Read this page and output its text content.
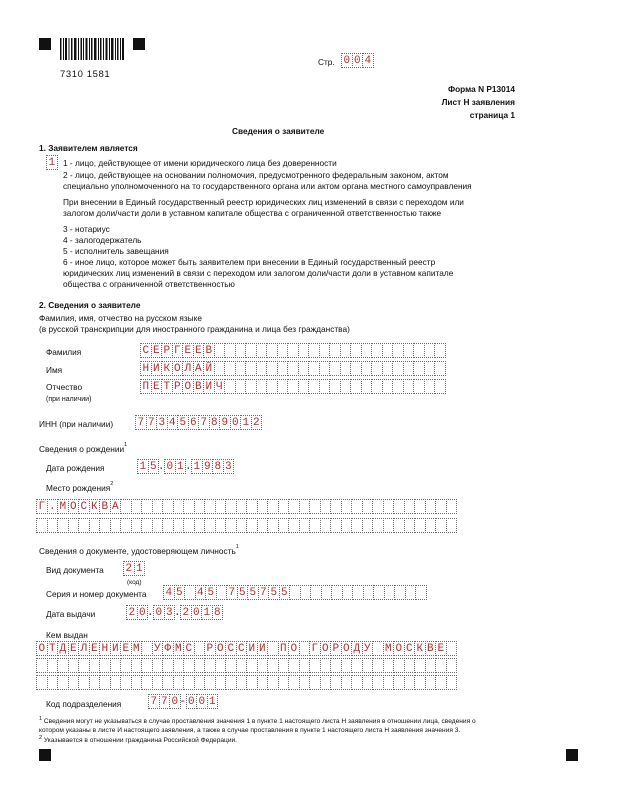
7310 1581
Стр. 0 0 4
Форма N Р13014
Лист Н заявления
страница 1
Сведения о заявителе
1. Заявителем является
1 1 - лицо, действующее от имени юридического лица без доверенности
2 - лицо, действующее на основании полномочия, предусмотренного федеральным законом, актом
специально уполномоченного на то государственного органа или актом органа местного самоуправления
При внесении в Единый государственный реестр юридических лиц изменений в связи с переходом или
залогом доли/части доли в уставном капитале общества с ограниченной ответственностью также
3 - нотариус
4 - залогодержатель
5 - исполнитель завещания
6 - иное лицо, которое может быть заявителем при внесении в Единый государственный реестр
юридических лиц изменений в связи с переходом или залогом доли/части доли в уставном капитале
общества с ограниченной ответственностью
2. Сведения о заявителе
Фамилия, имя, отчество на русском языке
(в русской транскрипции для иностранного гражданина и лица без гражданства)
Фамилия	С Е Р Г Е Е В
Имя	Н И К О Л А Й
Отчество
(при наличии)
П Е Т Р О В И Ч
ИНН (при наличии) 7 7 3 4 5 6 7 8 9 0 1 2
Сведения о рождении$^1$
Дата рождения	1 5 . 0 1 . 1 9 8 3
Место рождения$^2$
Г . М О С К В А
Сведения о документе, удостоверяющем личность$^1$
Вид документа 2 1
(код)
Серия и номер документа 4 5 4 5 7 5 5 7 5 5
Дата выдачи	2 0 . 0 3 . 2 0 1 8
Кем выдан
О Т Д Е Л Е Н И Е М У Ф М С Р О С С И И П О Г О Р О Д У М О С К В Е
Код подразделения	7 7 0 - 0 0 1
$^1$ Сведения могут не указываться в случае проставления значения 1 в пункте 1 настоящего листа Н заявления в отношении лица, сведения о
котором указаны в листе И настоящего заявления, а также в случае проставления в пункте 1 настоящего листа Н заявления значения 3.
$^2$ Указывается в отношении гражданина Российской Федерации.
